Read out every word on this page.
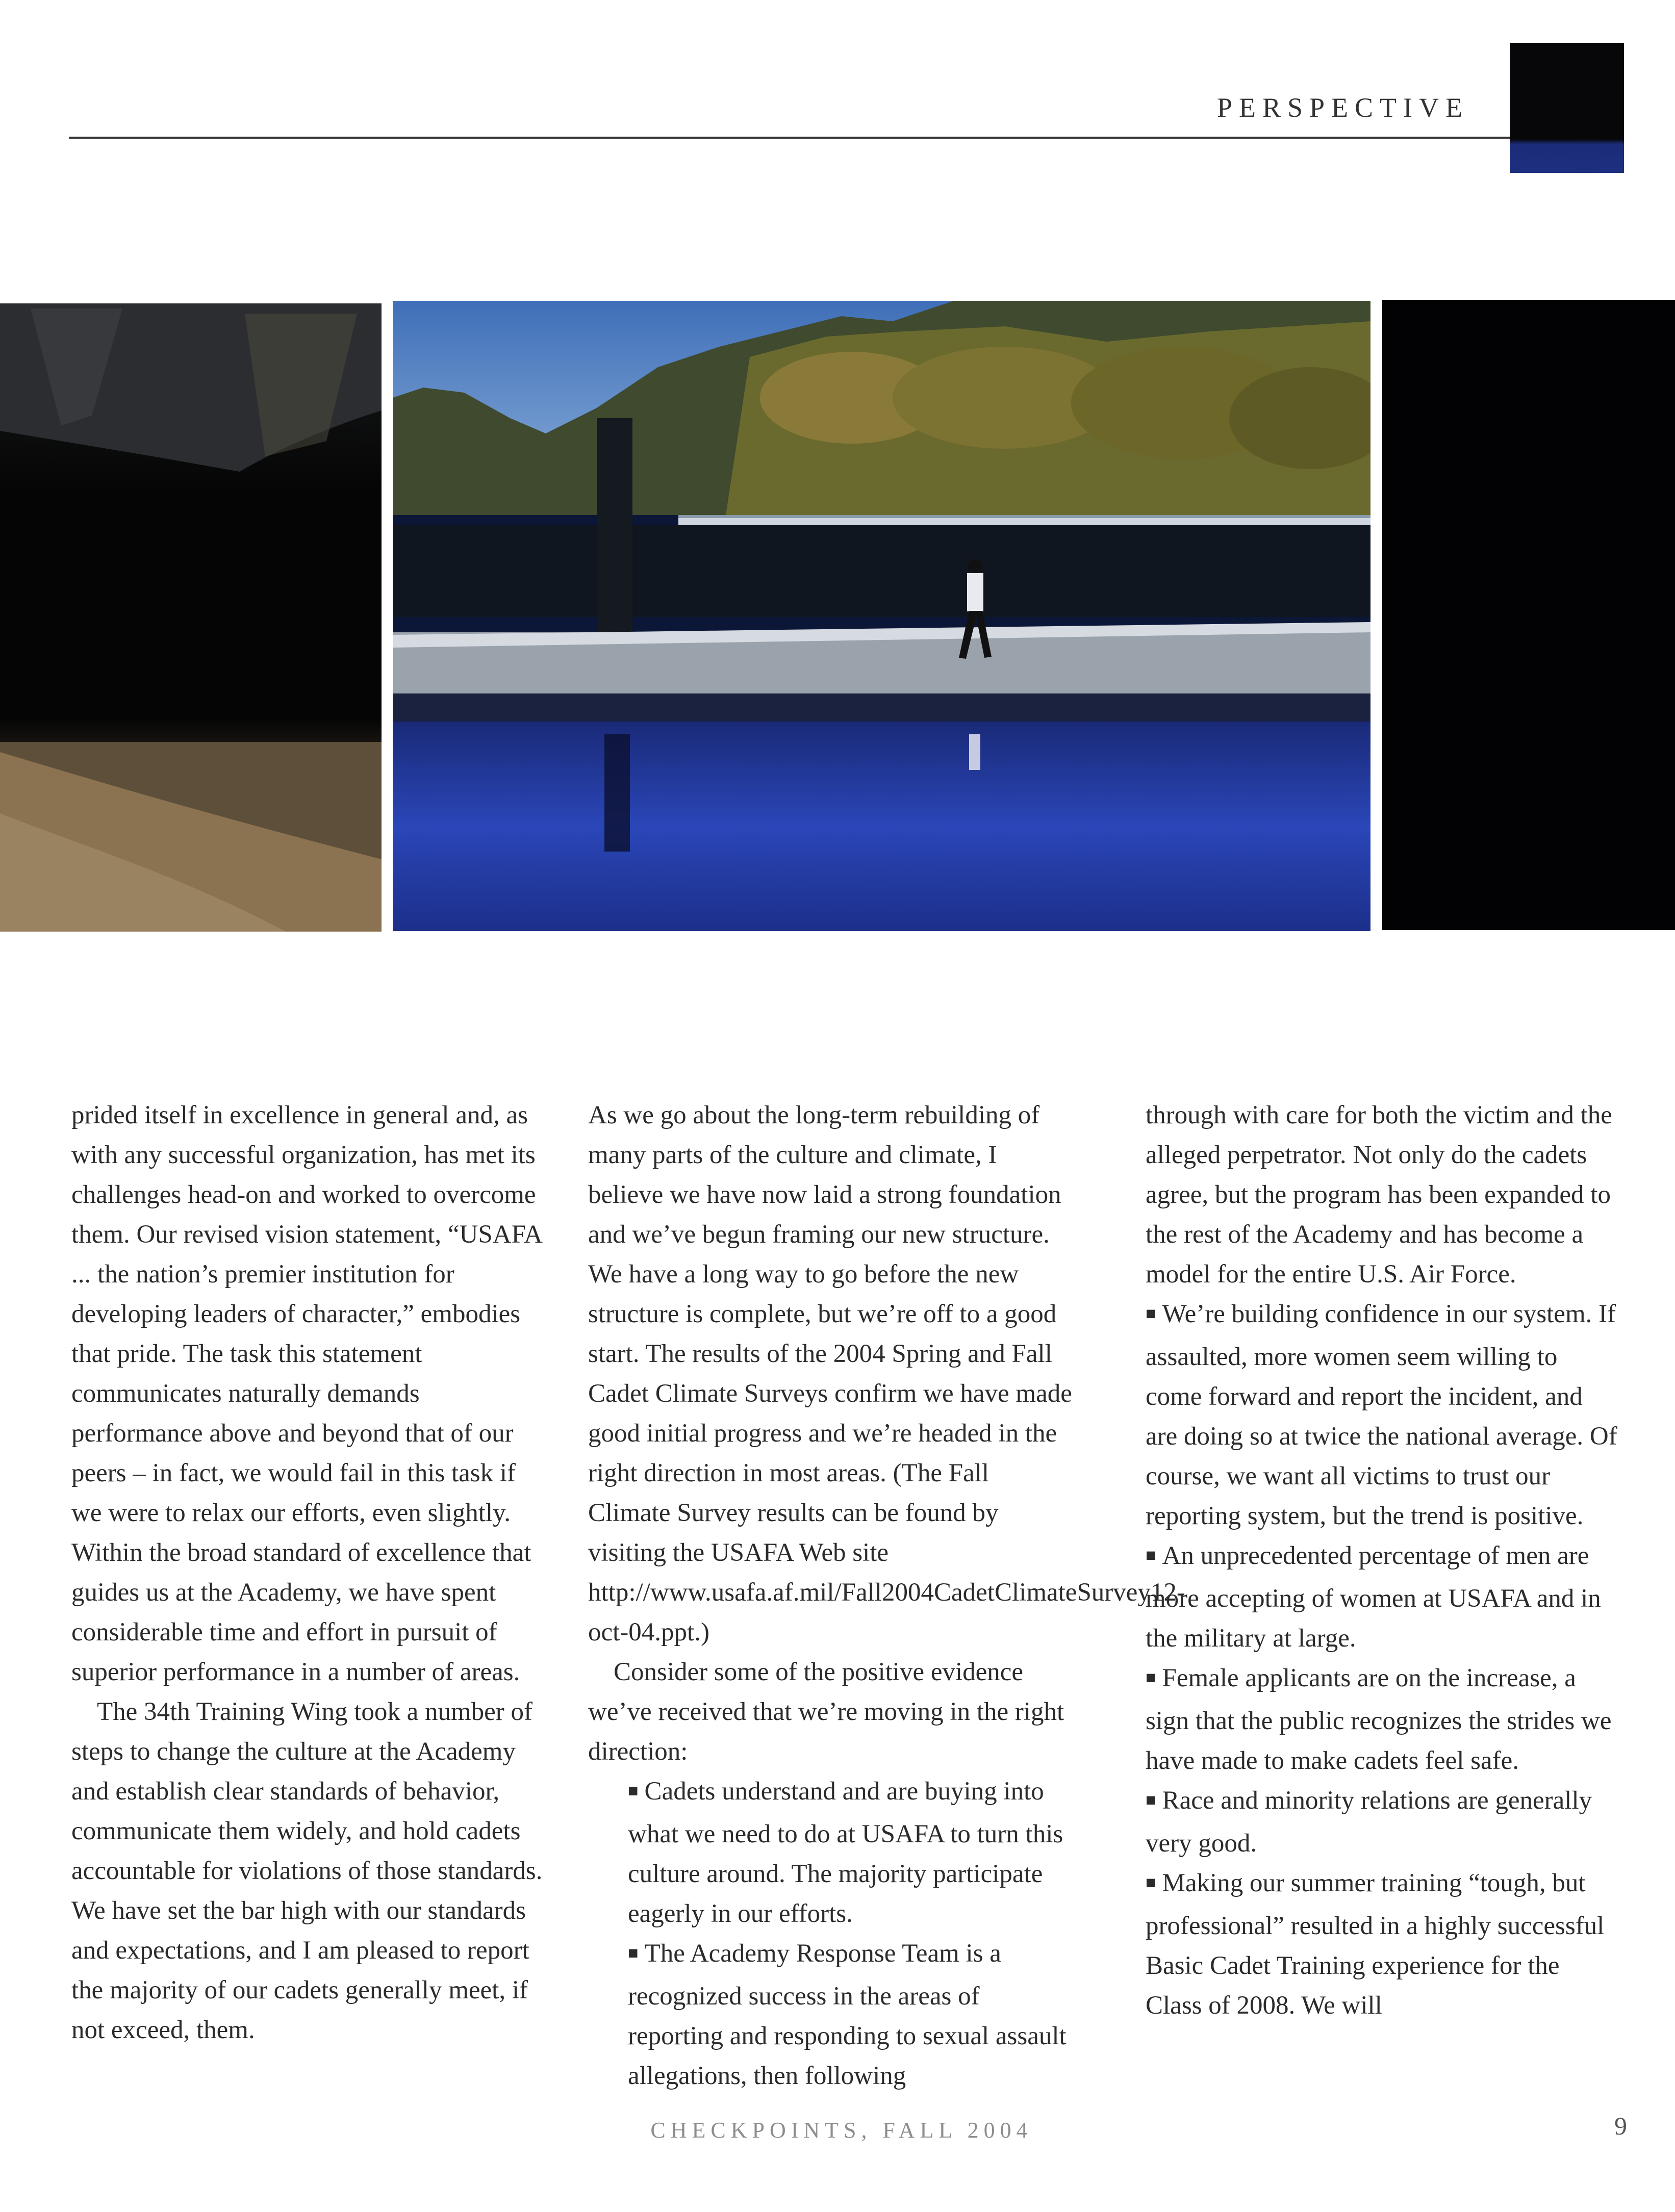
PERSPECTIVE

prided itself in excellence in general and, as with any successful organization, has met its challenges head-on and worked to overcome them. Our revised vision statement, “USAFA ... the nation’s premier institution for developing leaders of character,” embodies that pride. The task this statement communicates naturally demands performance above and beyond that of our peers – in fact, we would fail in this task if we were to relax our efforts, even slightly. Within the broad standard of excellence that guides us at the Academy, we have spent considerable time and effort in pursuit of superior performance in a number of areas.

The 34th Training Wing took a number of steps to change the culture at the Academy and establish clear standards of behavior, communicate them widely, and hold cadets accountable for violations of those standards. We have set the bar high with our standards and expectations, and I am pleased to report the majority of our cadets generally meet, if not exceed, them.

As we go about the long-term rebuilding of many parts of the culture and climate, I believe we have now laid a strong foundation and we’ve begun framing our new structure. We have a long way to go before the new structure is complete, but we’re off to a good start. The results of the 2004 Spring and Fall Cadet Climate Surveys confirm we have made good initial progress and we’re headed in the right direction in most areas. (The Fall Climate Survey results can be found by visiting the USAFA Web site http://www.usafa.af.mil/Fall2004CadetClimateSurvey12-oct-04.ppt.)

Consider some of the positive evidence we’ve received that we’re moving in the right direction:

■ Cadets understand and are buying into what we need to do at USAFA to turn this culture around. The majority participate eagerly in our efforts.
■ The Academy Response Team is a recognized success in the areas of reporting and responding to sexual assault allegations, then following

through with care for both the victim and the alleged perpetrator. Not only do the cadets agree, but the program has been expanded to the rest of the Academy and has become a model for the entire U.S. Air Force.

■ We’re building confidence in our system. If assaulted, more women seem willing to come forward and report the incident, and are doing so at twice the national average. Of course, we want all victims to trust our reporting system, but the trend is positive.
■ An unprecedented percentage of men are more accepting of women at USAFA and in the military at large.
■ Female applicants are on the increase, a sign that the public recognizes the strides we have made to make cadets feel safe.
■ Race and minority relations are generally very good.
■ Making our summer training “tough, but professional” resulted in a highly successful Basic Cadet Training experience for the Class of 2008. We will
CHECKPOINTS, FALL 2004	9
